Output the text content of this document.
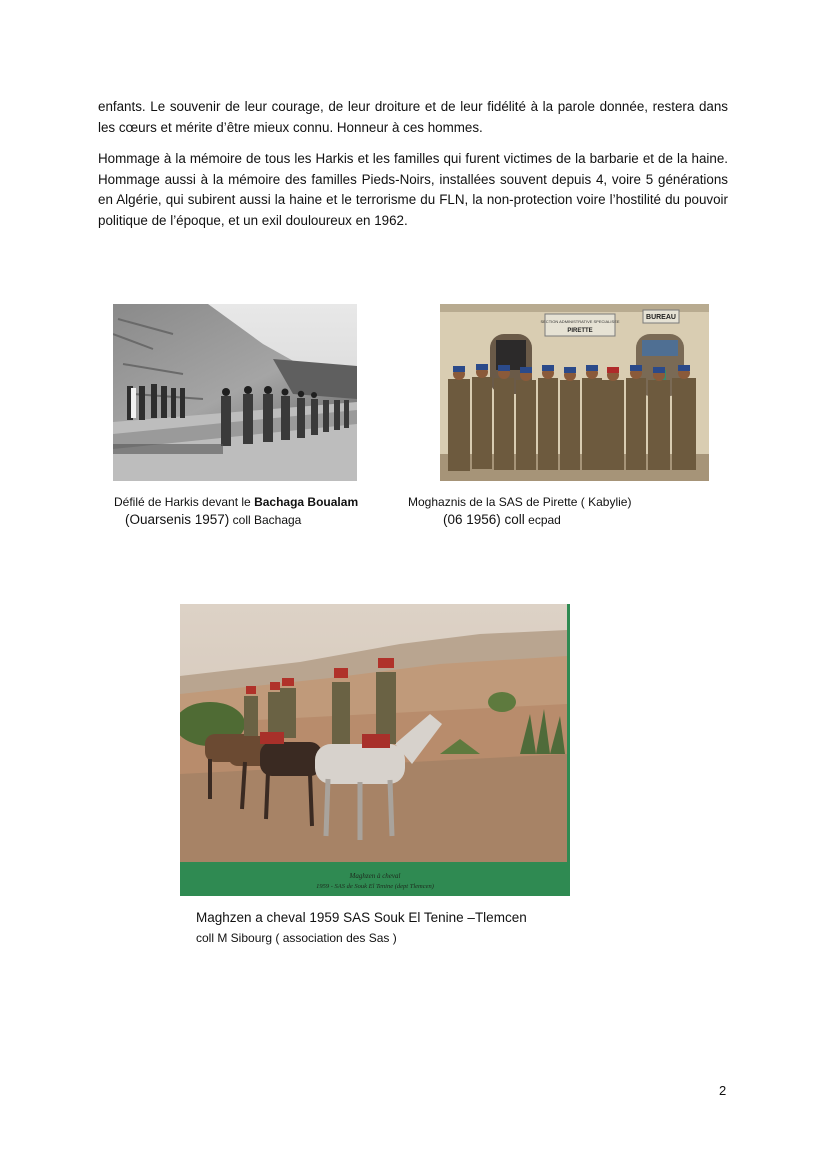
enfants. Le souvenir de leur courage, de leur droiture et de leur fidélité à la parole donnée, restera dans les cœurs et mérite d’être mieux connu. Honneur à ces hommes.

Hommage à la mémoire de tous les Harkis et les familles qui furent victimes de la barbarie et de la haine. Hommage aussi à la mémoire des familles Pieds-Noirs, installées souvent depuis 4, voire 5 générations en Algérie, qui subirent aussi la haine et le terrorisme du FLN, la non-protection voire l’hostilité du pouvoir politique de l’époque, et un exil douloureux en 1962.

Défilé de Harkis devant le Bachaga Boualam

(Ouarsenis 1957) coll Bachaga

SECTION ADMINISTRATIVE SPECIALISEE
PIRETTE
BUREAU

Moghaznis de la SAS de Pirette ( Kabylie)

(06 1956) coll ecpad

Maghzen à cheval
1959 - SAS de Souk El Tenine (dept Tlemcen)

Maghzen a cheval 1959 SAS Souk El Tenine –Tlemcen

coll M Sibourg ( association des Sas )

2
